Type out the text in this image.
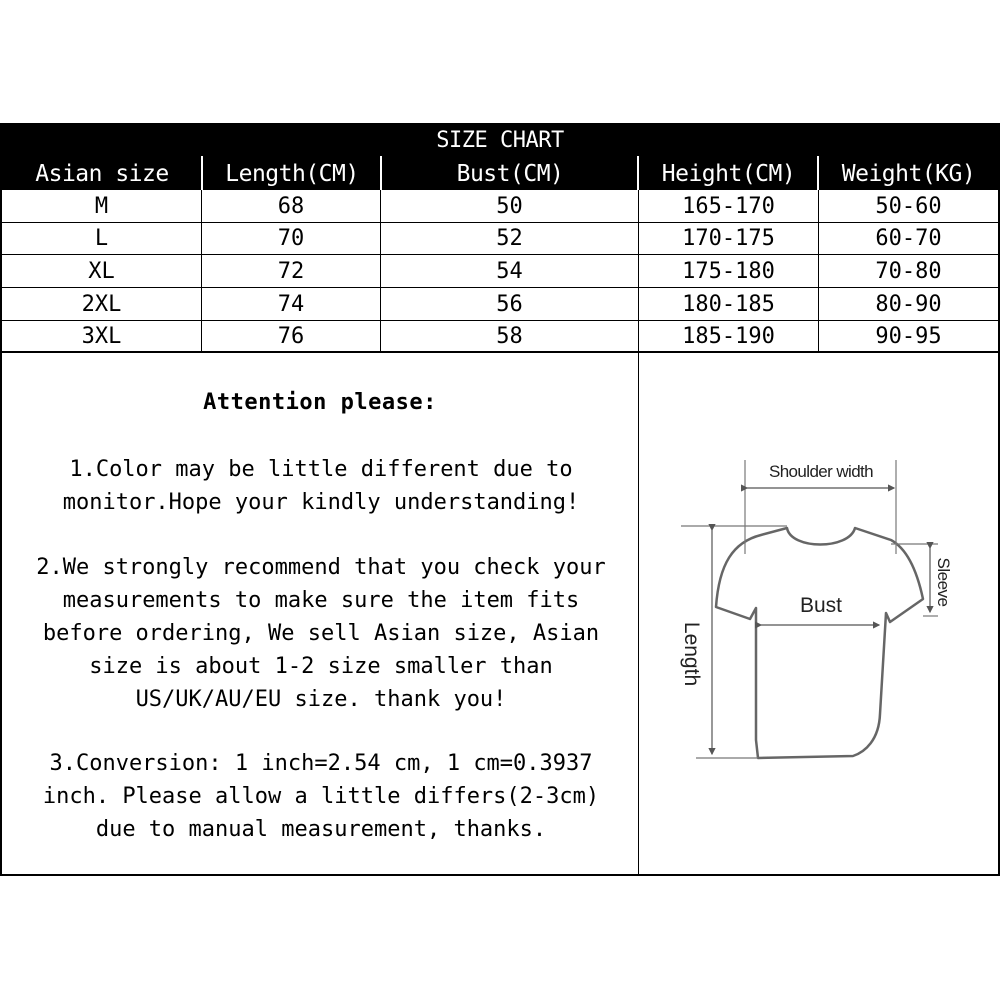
SIZE CHART
Asian size	Length(CM)	Bust(CM)	Height(CM)	Weight(KG)
M	68	50	165-170	50-60
L	70	52	170-175	60-70
XL	72	54	175-180	70-80
2XL	74	56	180-185	80-90
3XL	76	58	185-190	90-95
Attention please:
1.Color may be little different due to
monitor.Hope your kindly understanding!
2.We strongly recommend that you check your
measurements to make sure the item fits
before ordering, We sell Asian size, Asian
size is about 1-2 size smaller than
US/UK/AU/EU size. thank you!
3.Conversion: 1 inch=2.54 cm, 1 cm=0.3937
inch. Please allow a little differs(2-3cm)
due to manual measurement, thanks.
Shoulder width
Length
Sleeve
Bust
